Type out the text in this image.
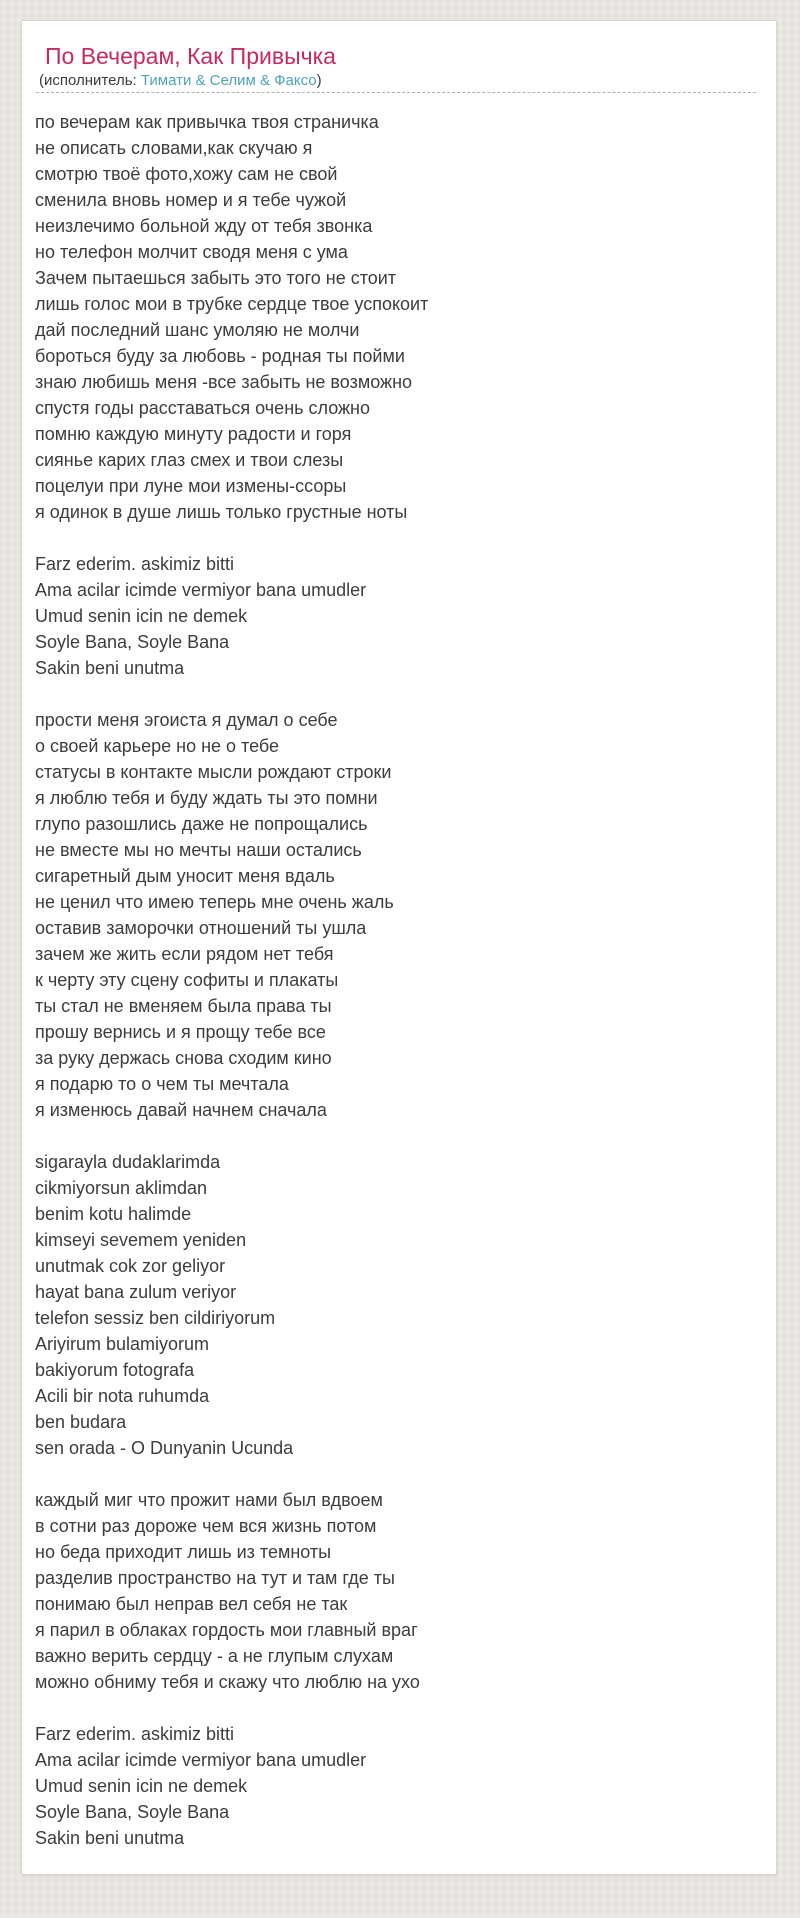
По Вечерам, Как Привычка
(исполнитель: Тимати & Селим & Факсо)
по вечерам как привычка твоя страничка
не описать словами,как скучаю я
смотрю твоё фото,хожу сам не свой
сменила вновь номер и я тебе чужой
неизлечимо больной жду от тебя звонка
но телефон молчит сводя меня с ума
Зачем пытаешься забыть это того не стоит
лишь голос мои в трубке сердце твое успокоит
дай последний шанс умоляю не молчи
бороться буду за любовь - родная ты пойми
знаю любишь меня -все забыть не возможно
спустя годы расставаться очень сложно
помню каждую минуту радости и горя
сиянье карих глаз смех и твои слезы
поцелуи при луне мои измены-ссоры
я одинок в душе лишь только грустные ноты
Farz ederim. askimiz bitti
Ama acilar icimde vermiyor bana umudler
Umud senin icin ne demek
Soyle Bana, Soyle Bana
Sakin beni unutma
прости меня эгоиста я думал о себе
о своей карьере но не о тебе
статусы в контакте мысли рождают строки
я люблю тебя и буду ждать ты это помни
глупо разошлись даже не попрощались
не вместе мы но мечты наши остались
сигаретный дым уносит меня вдаль
не ценил что имею теперь мне очень жаль
оставив заморочки отношений ты ушла
зачем же жить если рядом нет тебя
к черту эту сцену софиты и плакаты
ты стал не вменяем была права ты
прошу вернись и я прощу тебе все
за руку держась снова сходим кино
я подарю то о чем ты мечтала
я изменюсь давай начнем сначала
sigarayla dudaklarimda
cikmiyorsun aklimdan
benim kotu halimde
kimseyi sevemem yeniden
unutmak cok zor geliyor
hayat bana zulum veriyor
telefon sessiz ben cildiriyorum
Ariyirum bulamiyorum
bakiyorum fotografa
Acili bir nota ruhumda
ben budara
sen orada - O Dunyanin Ucunda
каждый миг что прожит нами был вдвоем
в сотни раз дороже чем вся жизнь потом
но беда приходит лишь из темноты
разделив пространство на тут и там где ты
понимаю был неправ вел себя не так
я парил в облаках гордость мои главный враг
важно верить сердцу - а не глупым слухам
можно обниму тебя и скажу что люблю на ухо
Farz ederim. askimiz bitti
Ama acilar icimde vermiyor bana umudler
Umud senin icin ne demek
Soyle Bana, Soyle Bana
Sakin beni unutma
